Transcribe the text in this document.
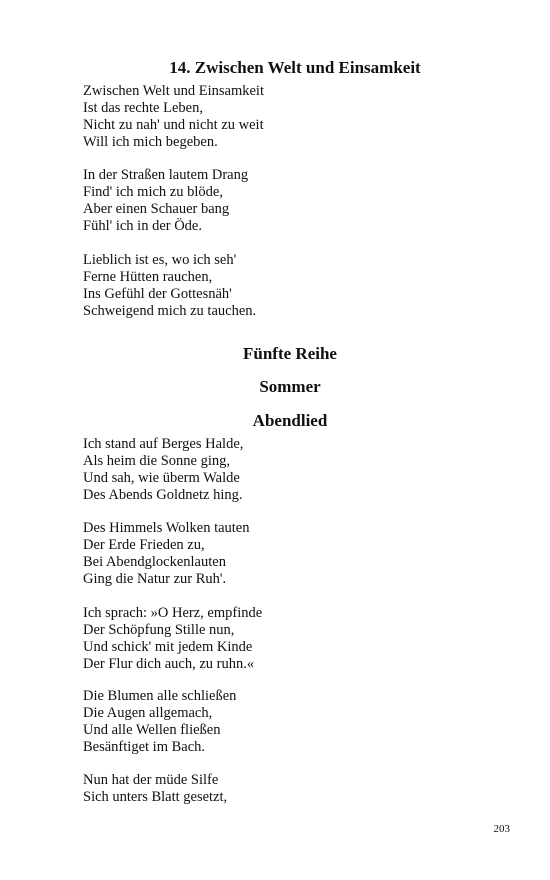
14. Zwischen Welt und Einsamkeit
Zwischen Welt und Einsamkeit
Ist das rechte Leben,
Nicht zu nah' und nicht zu weit
Will ich mich begeben.
In der Straßen lautem Drang
Find' ich mich zu blöde,
Aber einen Schauer bang
Fühl' ich in der Öde.
Lieblich ist es, wo ich seh'
Ferne Hütten rauchen,
Ins Gefühl der Gottesnäh'
Schweigend mich zu tauchen.
Fünfte Reihe
Sommer
Abendlied
Ich stand auf Berges Halde,
Als heim die Sonne ging,
Und sah, wie überm Walde
Des Abends Goldnetz hing.
Des Himmels Wolken tauten
Der Erde Frieden zu,
Bei Abendglockenlauten
Ging die Natur zur Ruh'.
Ich sprach: »O Herz, empfinde
Der Schöpfung Stille nun,
Und schick' mit jedem Kinde
Der Flur dich auch, zu ruhn.«
Die Blumen alle schließen
Die Augen allgemach,
Und alle Wellen fließen
Besänftiget im Bach.
Nun hat der müde Silfe
Sich unters Blatt gesetzt,
203
